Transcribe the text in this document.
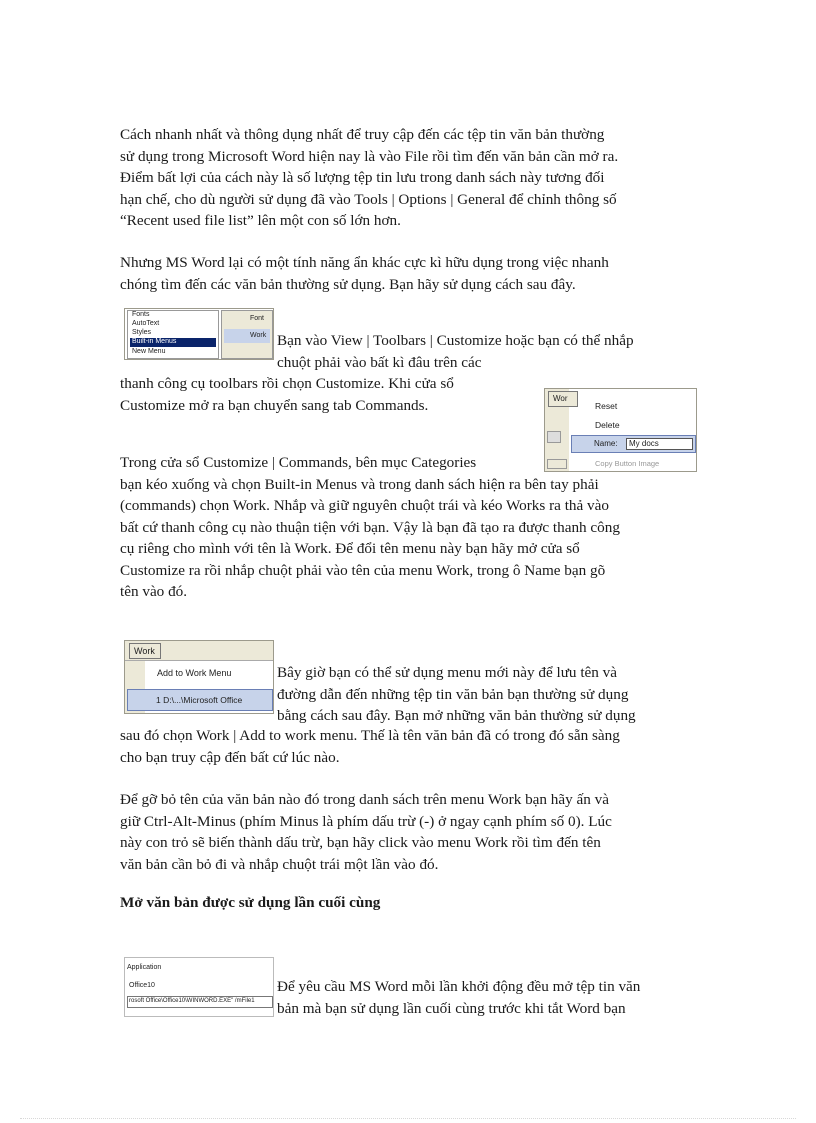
Cách nhanh nhất và thông dụng nhất để truy cập đến các tệp tin văn bản thường
sử dụng trong Microsoft Word hiện nay là vào File rồi tìm đến văn bản cần mở ra.
Điểm bất lợi của cách này là số lượng tệp tin lưu trong danh sách này tương đối
hạn chế, cho dù người sử dụng đã vào Tools | Options | General để chỉnh thông số
“Recent used file list” lên một con số lớn hơn.
Nhưng MS Word lại có một tính năng ẩn khác cực kì hữu dụng trong việc nhanh
chóng tìm đến các văn bản thường sử dụng. Bạn hãy sử dụng cách sau đây.
Fonts
AutoText
Styles
Built-in Menus
New Menu
Font
Work Bạn vào View | Toolbars | Customize hoặc bạn có thể nhắp
chuột phải vào bất kì đâu trên các
thanh công cụ toolbars rồi chọn Customize. Khi cửa sổ
Customize mở ra bạn chuyển sang tab Commands.	Wor
Reset
Delete
Name: My docs
Copy Button Image
Trong cửa sổ Customize | Commands, bên mục Categories
bạn kéo xuống và chọn Built-in Menus và trong danh sách hiện ra bên tay phải
(commands) chọn Work. Nhắp và giữ nguyên chuột trái và kéo Works ra thả vào
bất cứ thanh công cụ nào thuận tiện với bạn. Vậy là bạn đã tạo ra được thanh công
cụ riêng cho mình với tên là Work. Để đổi tên menu này bạn hãy mở cửa sổ
Customize ra rồi nhắp chuột phải vào tên của menu Work, trong ô Name bạn gõ
tên vào đó.
Work
Add to Work Menu
1 D:\...\Microsoft Office
Bây giờ bạn có thể sử dụng menu mới này để lưu tên và
đường dẫn đến những tệp tin văn bản bạn thường sử dụng
bằng cách sau đây. Bạn mở những văn bản thường sử dụng
sau đó chọn Work | Add to work menu. Thế là tên văn bản đã có trong đó sẵn sàng
cho bạn truy cập đến bất cứ lúc nào.
Để gỡ bỏ tên của văn bản nào đó trong danh sách trên menu Work bạn hãy ấn và
giữ Ctrl-Alt-Minus (phím Minus là phím dấu trừ (-) ở ngay cạnh phím số 0). Lúc
này con trỏ sẽ biến thành dấu trừ, bạn hãy click vào menu Work rồi tìm đến tên
văn bản cần bỏ đi và nhắp chuột trái một lần vào đó.
Mở văn bản được sử dụng lần cuối cùng
Application
Office10
rosoft Office\Office10\WINWORD.EXE" /mFile1
Để yêu cầu MS Word mỗi lần khởi động đều mở tệp tin văn
bản mà bạn sử dụng lần cuối cùng trước khi tắt Word bạn
